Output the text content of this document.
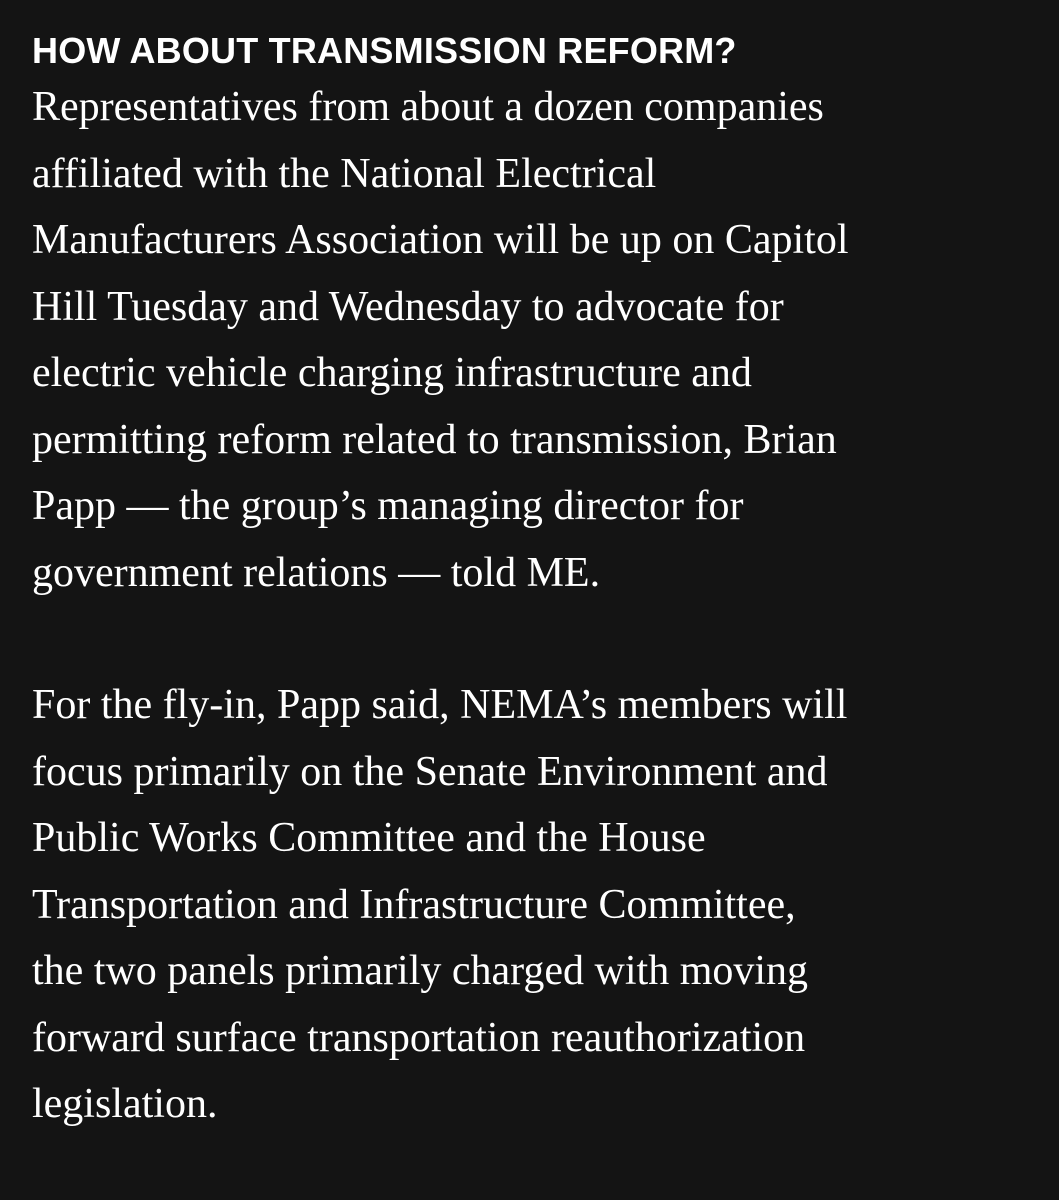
HOW ABOUT TRANSMISSION REFORM?

Representatives from about a dozen companies
affiliated with the National Electrical
Manufacturers Association will be up on Capitol
Hill Tuesday and Wednesday to advocate for
electric vehicle charging infrastructure and
permitting reform related to transmission, Brian
Papp — the group’s managing director for
government relations — told ME.

For the fly-in, Papp said, NEMA’s members will
focus primarily on the Senate Environment and
Public Works Committee and the House
Transportation and Infrastructure Committee,
the two panels primarily charged with moving
forward surface transportation reauthorization
legislation.
